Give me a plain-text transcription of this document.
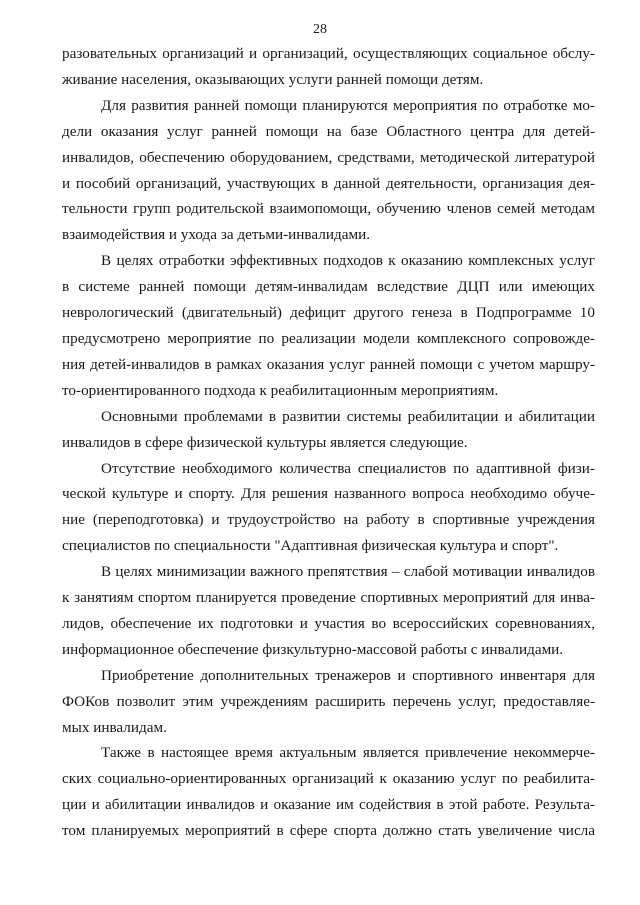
28

разовательных организаций и организаций, осуществляющих социальное обслу-
живание населения, оказывающих услуги ранней помощи детям.

Для развития ранней помощи планируются мероприятия по отработке мо-
дели оказания услуг ранней помощи на базе Областного центра для детей-
инвалидов, обеспечению оборудованием, средствами, методической литературой
и пособий организаций, участвующих в данной деятельности, организация дея-
тельности групп родительской взаимопомощи, обучению членов семей методам
взаимодействия и ухода за детьми-инвалидами.

В целях отработки эффективных подходов к оказанию комплексных услуг
в системе ранней помощи детям-инвалидам вследствие ДЦП или имеющих
неврологический (двигательный) дефицит другого генеза в Подпрограмме 10
предусмотрено мероприятие по реализации модели комплексного сопровожде-
ния детей-инвалидов в рамках оказания услуг ранней помощи с учетом маршру-
то-ориентированного подхода к реабилитационным мероприятиям.

Основными проблемами в развитии системы реабилитации и абилитации
инвалидов в сфере физической культуры является следующие.

Отсутствие необходимого количества специалистов по адаптивной физи-
ческой культуре и спорту. Для решения названного вопроса необходимо обуче-
ние (переподготовка) и трудоустройство на работу в спортивные учреждения
специалистов по специальности "Адаптивная физическая культура и спорт".

В целях минимизации важного препятствия – слабой мотивации инвалидов
к занятиям спортом планируется проведение спортивных мероприятий для инва-
лидов, обеспечение их подготовки и участия во всероссийских соревнованиях,
информационное обеспечение физкультурно-массовой работы с инвалидами.

Приобретение дополнительных тренажеров и спортивного инвентаря для
ФОКов позволит этим учреждениям расширить перечень услуг, предоставляе-
мых инвалидам.

Также в настоящее время актуальным является привлечение некоммерче-
ских социально-ориентированных организаций к оказанию услуг по реабилита-
ции и абилитации инвалидов и оказание им содействия в этой работе. Результа-
том планируемых мероприятий в сфере спорта должно стать увеличение числа
